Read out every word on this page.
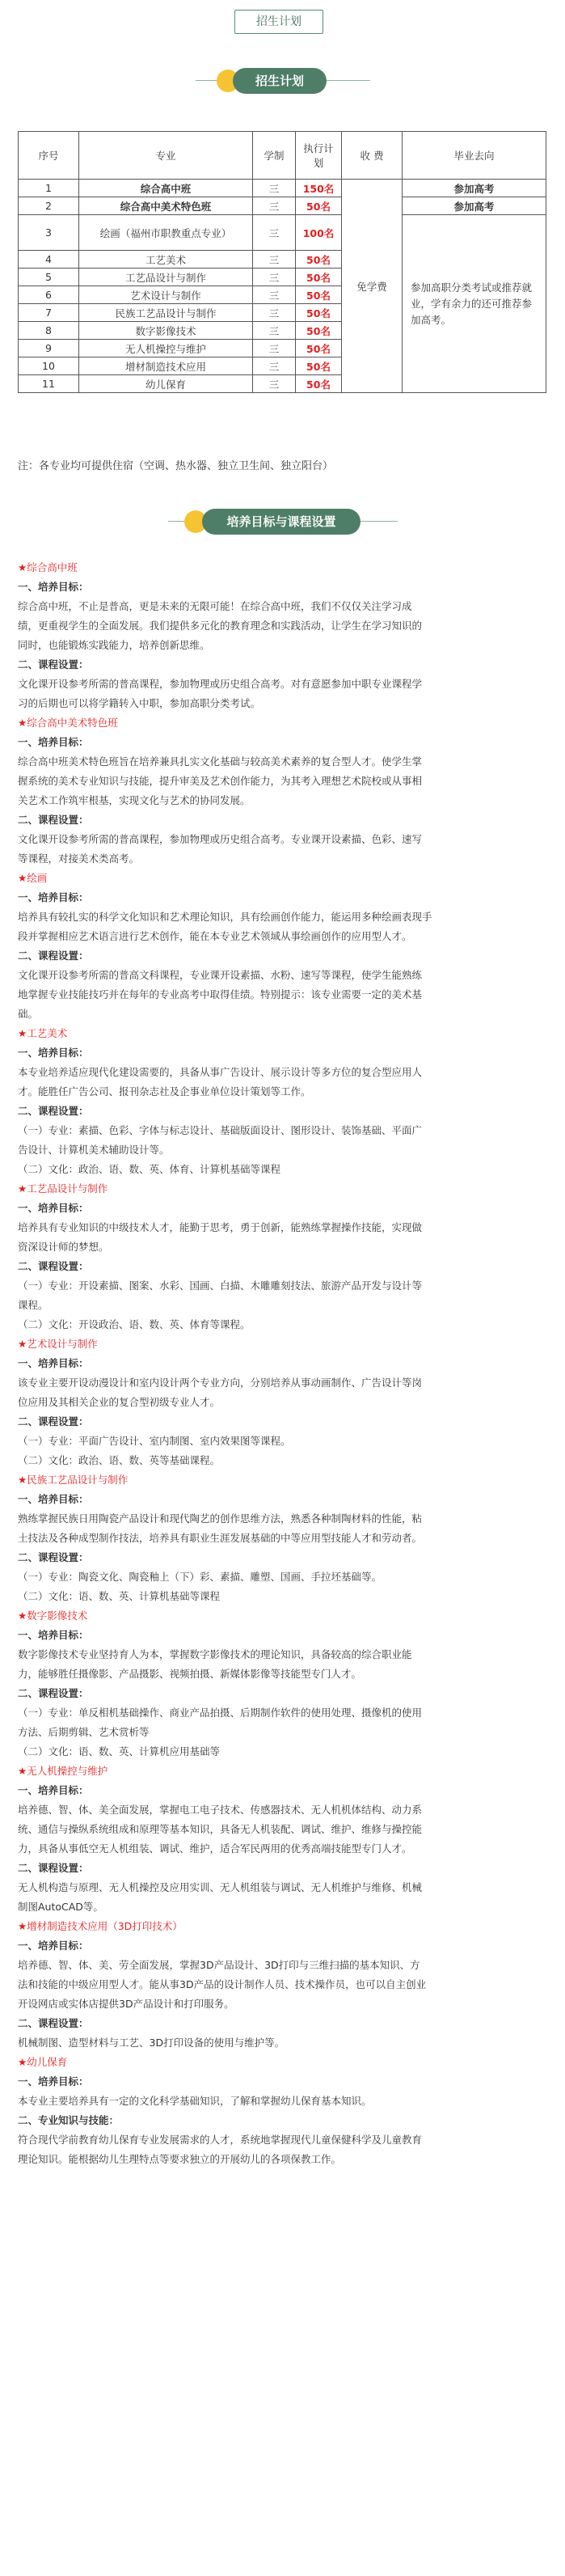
招生计划
招生计划
序号	专业	学制	执行计划	收 费	毕业去向
1	综合高中班	三	150名	免学费	参加高考
2	综合高中美术特色班	三	50名		参加高考
3	绘画（福州市职教重点专业）	三	100名		参加高职分类考试或推荐就业，学有余力的还可推荐参加高考。
4	工艺美术	三	50名		
5	工艺品设计与制作	三	50名		
6	艺术设计与制作	三	50名		
7	民族工艺品设计与制作	三	50名		
8	数字影像技术	三	50名		
9	无人机操控与维护	三	50名		
10	增材制造技术应用	三	50名		
11	幼儿保育	三	50名		
注：各专业均可提供住宿（空调、热水器、独立卫生间、独立阳台）
培养目标与课程设置

★综合高中班

一、培养目标：

综合高中班，不止是普高，更是未来的无限可能！在综合高中班，我们不仅仅关注学习成

绩，更重视学生的全面发展。我们提供多元化的教育理念和实践活动，让学生在学习知识的

同时，也能锻炼实践能力，培养创新思维。

二、课程设置：

文化课开设参考所需的普高课程，参加物理或历史组合高考。对有意愿参加中职专业课程学

习的后期也可以将学籍转入中职，参加高职分类考试。

★综合高中美术特色班

一、培养目标：

综合高中班美术特色班旨在培养兼具扎实文化基础与较高美术素养的复合型人才。使学生掌

握系统的美术专业知识与技能，提升审美及艺术创作能力，为其考入理想艺术院校或从事相

关艺术工作筑牢根基，实现文化与艺术的协同发展。

二、课程设置：

文化课开设参考所需的普高课程，参加物理或历史组合高考。专业课开设素描、色彩、速写

等课程，对接美术类高考。

★绘画

一、培养目标：

培养具有较扎实的科学文化知识和艺术理论知识，具有绘画创作能力，能运用多种绘画表现手

段并掌握相应艺术语言进行艺术创作，能在本专业艺术领域从事绘画创作的应用型人才。

二、课程设置：

文化课开设参考所需的普高文科课程，专业课开设素描、水粉、速写等课程，使学生能熟练

地掌握专业技能技巧并在每年的专业高考中取得佳绩。特别提示：该专业需要一定的美术基

础。

★工艺美术

一、培养目标：

本专业培养适应现代化建设需要的，具备从事广告设计、展示设计等多方位的复合型应用人

才。能胜任广告公司、报刊杂志社及企事业单位设计策划等工作。

二、课程设置：

（一）专业：素描、色彩、字体与标志设计、基础版面设计、图形设计、装饰基础、平面广

告设计、计算机美术辅助设计等。

（二）文化：政治、语、数、英、体育、计算机基础等课程

★工艺品设计与制作

一、培养目标：

培养具有专业知识的中级技术人才，能勤于思考，勇于创新，能熟练掌握操作技能，实现做

资深设计师的梦想。

二、课程设置：

（一）专业：开设素描、图案、水彩、国画、白描、木雕雕刻技法、旅游产品开发与设计等

课程。

（二）文化：开设政治、语、数、英、体育等课程。

★艺术设计与制作

一、培养目标：

该专业主要开设动漫设计和室内设计两个专业方向，分别培养从事动画制作、广告设计等岗

位应用及其相关企业的复合型初级专业人才。

二、课程设置：

（一）专业：平面广告设计、室内制图、室内效果图等课程。

（二）文化：政治、语、数、英等基础课程。

★民族工艺品设计与制作

一、培养目标：

熟练掌握民族日用陶瓷产品设计和现代陶艺的创作思维方法，熟悉各种制陶材料的性能，粘

土技法及各种成型制作技法，培养具有职业生涯发展基础的中等应用型技能人才和劳动者。

二、课程设置：

（一）专业：陶瓷文化、陶瓷釉上（下）彩、素描、雕塑、国画、手拉坯基础等。

（二）文化：语、数、英、计算机基础等课程

★数字影像技术

一、培养目标：

数字影像技术专业坚持育人为本，掌握数字影像技术的理论知识，具备较高的综合职业能

力，能够胜任摄像影、产品摄影、视频拍摄、新媒体影像等技能型专门人才。

二、课程设置：

（一）专业：单反相机基础操作、商业产品拍摄、后期制作软件的使用处理、摄像机的使用

方法、后期剪辑、艺术赏析等

（二）文化：语、数、英、计算机应用基础等

★无人机操控与维护

一、培养目标：

培养德、智、体、美全面发展，掌握电工电子技术、传感器技术、无人机机体结构、动力系

统、通信与操纵系统组成和原理等基本知识，具备无人机装配、调试、维护、维修与操控能

力，具备从事低空无人机组装、调试、维护，适合军民两用的优秀高端技能型专门人才。

二、课程设置：

无人机构造与原理、无人机操控及应用实训、无人机组装与调试、无人机维护与维修、机械

制图AutoCAD等。

★增材制造技术应用（3D打印技术）

一、培养目标：

培养德、智、体、美、劳全面发展，掌握3D产品设计、3D打印与三维扫描的基本知识、方

法和技能的中级应用型人才。能从事3D产品的设计制作人员、技术操作员，也可以自主创业

开设网店或实体店提供3D产品设计和打印服务。

二、课程设置：

机械制图、造型材料与工艺、3D打印设备的使用与维护等。

★幼儿保育

一、培养目标：

本专业主要培养具有一定的文化科学基础知识，了解和掌握幼儿保育基本知识。

二、专业知识与技能：

符合现代学前教育幼儿保育专业发展需求的人才，系统地掌握现代儿童保健科学及儿童教育

理论知识。能根据幼儿生理特点等要求独立的开展幼儿的各项保教工作。
